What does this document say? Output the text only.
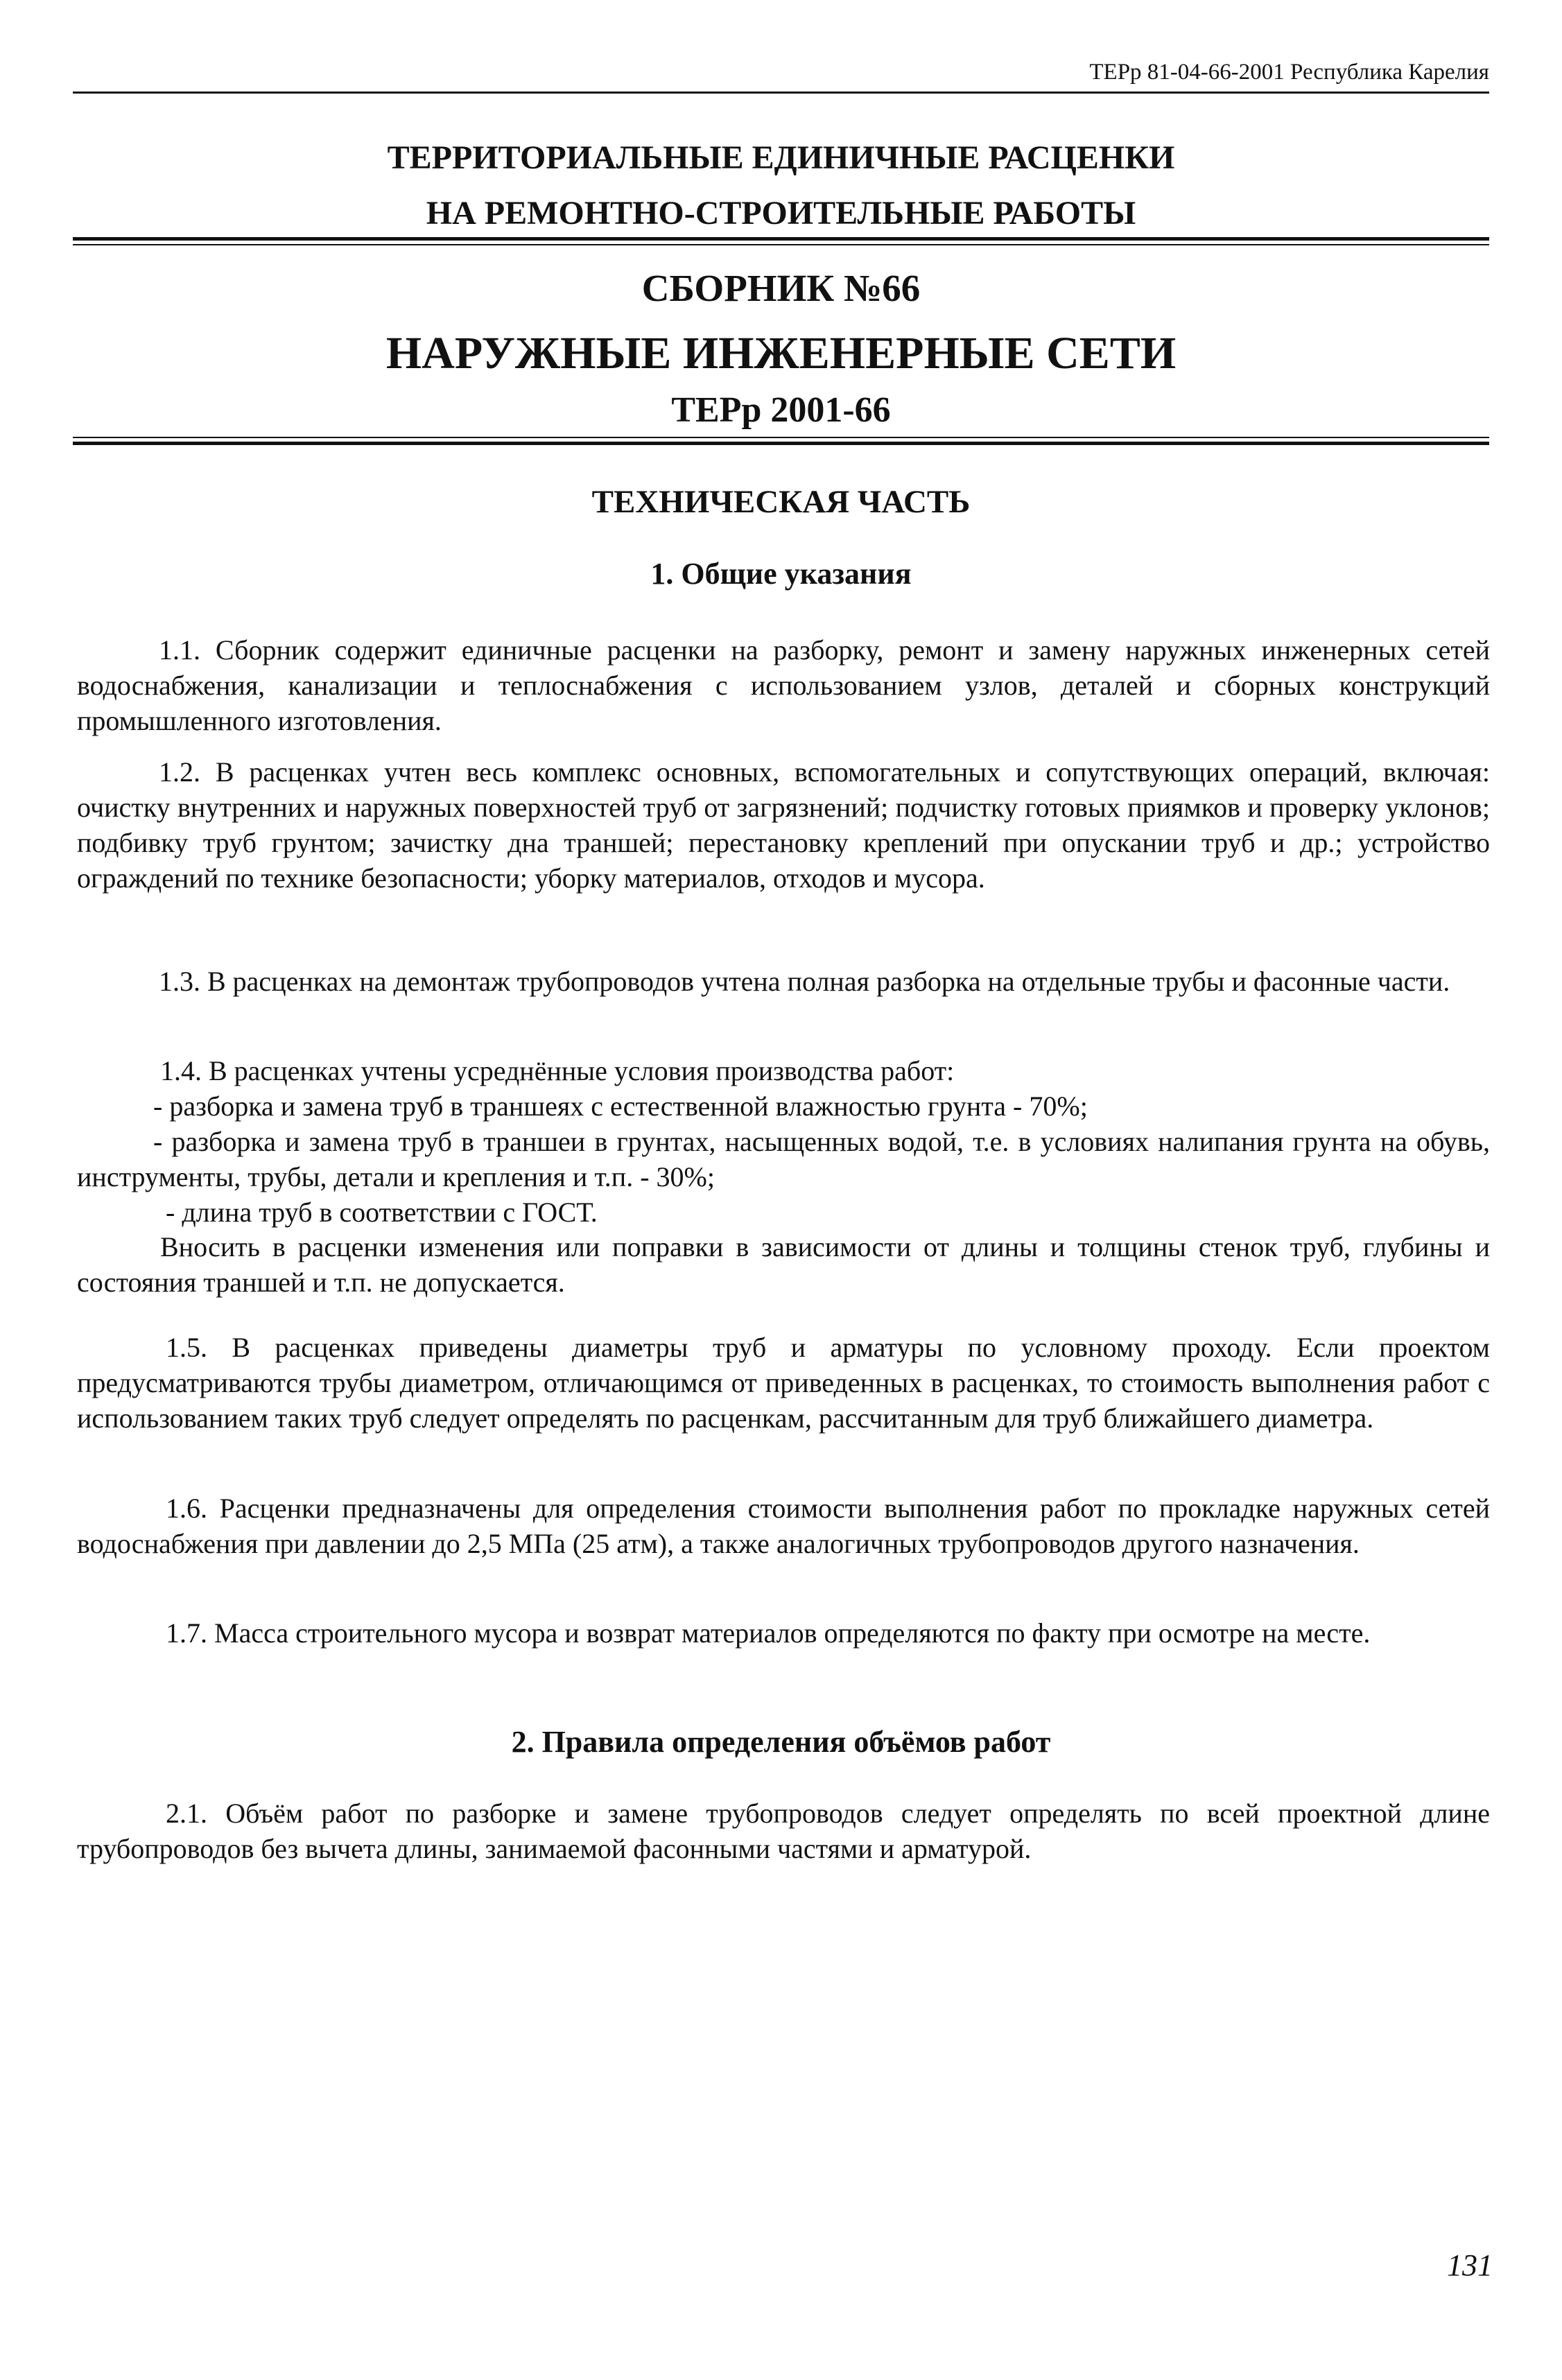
ТЕРр 81-04-66-2001 Республика Карелия
ТЕРРИТОРИАЛЬНЫЕ ЕДИНИЧНЫЕ РАСЦЕНКИ
НА РЕМОНТНО-СТРОИТЕЛЬНЫЕ РАБОТЫ
СБОРНИК №66
НАРУЖНЫЕ ИНЖЕНЕРНЫЕ СЕТИ
ТЕРр 2001-66
ТЕХНИЧЕСКАЯ ЧАСТЬ
1. Общие указания

1.1. Сборник содержит единичные расценки на разборку, ремонт и замену наружных инженерных сетей водоснабжения, канализации и теплоснабжения с использованием узлов, деталей и сборных конструкций промышленного изготовления.

1.2. В расценках учтен весь комплекс основных, вспомогательных и сопутствующих операций, включая: очистку внутренних и наружных поверхностей труб от загрязнений; подчистку готовых приямков и проверку уклонов; подбивку труб грунтом; зачистку дна траншей; перестановку креплений при опускании труб и др.; устройство ограждений по технике безопасности; уборку материалов, отходов и мусора.

1.3. В расценках на демонтаж трубопроводов учтена полная разборка на отдельные трубы и фасонные части.

1.4. В расценках учтены усреднённые условия производства работ:
- разборка и замена труб в траншеях с естественной влажностью грунта - 70%;
- разборка и замена труб в траншеи в грунтах, насыщенных водой, т.е. в условиях налипания грунта на обувь, инструменты, трубы, детали и крепления и т.п. - 30%;
- длина труб в соответствии с ГОСТ.

Вносить в расценки изменения или поправки в зависимости от длины и толщины стенок труб, глубины и состояния траншей и т.п. не допускается.

1.5. В расценках приведены диаметры труб и арматуры по условному проходу. Если проектом предусматриваются трубы диаметром, отличающимся от приведенных в расценках, то стоимость выполнения работ с использованием таких труб следует определять по расценкам, рассчитанным для труб ближайшего диаметра.

1.6. Расценки предназначены для определения стоимости выполнения работ по прокладке наружных сетей водоснабжения при давлении до 2,5 МПа (25 атм), а также аналогичных трубопроводов другого назначения.

1.7. Масса строительного мусора и возврат материалов определяются по факту при осмотре на месте.

2. Правила определения объёмов работ

2.1. Объём работ по разборке и замене трубопроводов следует определять по всей проектной длине трубопроводов без вычета длины, занимаемой фасонными частями и арматурой.

131
